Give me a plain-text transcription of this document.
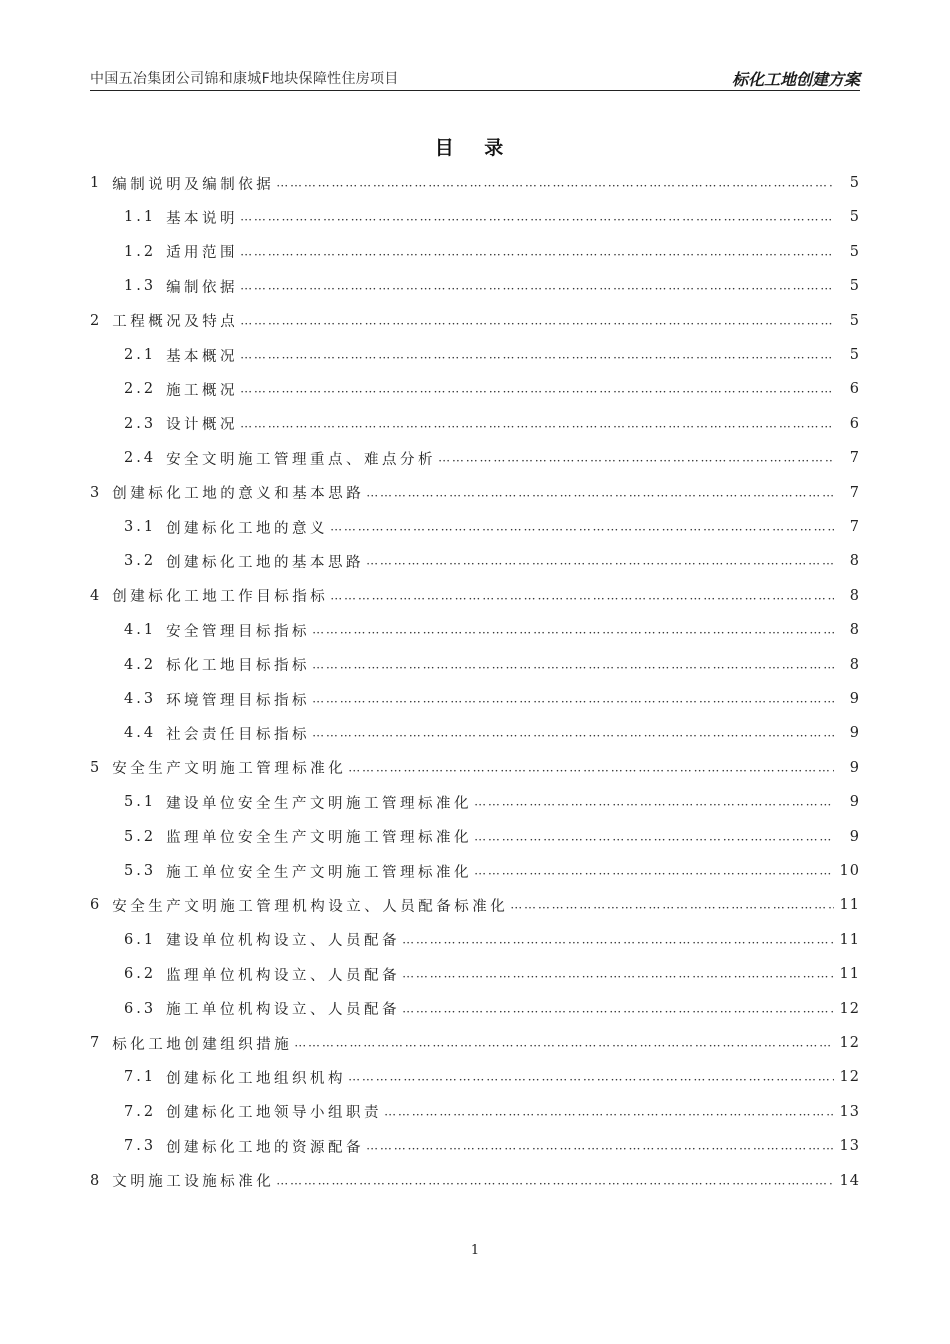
中国五冶集团公司锦和康城F地块保障性住房项目	标化工地创建方案
目 录
1 编制说明及编制依据 … … … … … … … … … … … … … … … … … … … … … … … … … … … … … … … … … … … … … … … … … … … … … … … … … … … … … … … …	5
1.1 基本说明 … … … … … … … … … … … … … … … … … … … … … … … … … … … … … … … … … … … … … … … … … … … … … … … … … … … … … … … …	5
1.2 适用范围 … … … … … … … … … … … … … … … … … … … … … … … … … … … … … … … … … … … … … … … … … … … … … … … … … … … … … … … …	5
1.3 编制依据 … … … … … … … … … … … … … … … … … … … … … … … … … … … … … … … … … … … … … … … … … … … … … … … … … … … … … … … …	5
2 工程概况及特点 … … … … … … … … … … … … … … … … … … … … … … … … … … … … … … … … … … … … … … … … … … … … … … … … … … … … … … … …	5
2.1 基本概况 … … … … … … … … … … … … … … … … … … … … … … … … … … … … … … … … … … … … … … … … … … … … … … … … … … … … … … … …	5
2.2 施工概况 … … … … … … … … … … … … … … … … … … … … … … … … … … … … … … … … … … … … … … … … … … … … … … … … … … … … … … … …	6
2.3 设计概况 … … … … … … … … … … … … … … … … … … … … … … … … … … … … … … … … … … … … … … … … … … … … … … … … … … … … … … … …	6
2.4 安全文明施工管理重点、难点分析 … … … … … … … … … … … … … … … … … … … … … … … … … … … … … … … … … … … … … … … … … … … … … … … … … … … … … … … …	7
3 创建标化工地的意义和基本思路 … … … … … … … … … … … … … … … … … … … … … … … … … … … … … … … … … … … … … … … … … … … … … … … … … … … … … … … …	7
3.1 创建标化工地的意义 … … … … … … … … … … … … … … … … … … … … … … … … … … … … … … … … … … … … … … … … … … … … … … … … … … … … … … … …	7
3.2 创建标化工地的基本思路 … … … … … … … … … … … … … … … … … … … … … … … … … … … … … … … … … … … … … … … … … … … … … … … … … … … … … … … …	8
4 创建标化工地工作目标指标 … … … … … … … … … … … … … … … … … … … … … … … … … … … … … … … … … … … … … … … … … … … … … … … … … … … … … … … …	8
4.1 安全管理目标指标 … … … … … … … … … … … … … … … … … … … … … … … … … … … … … … … … … … … … … … … … … … … … … … … … … … … … … … … …	8
4.2 标化工地目标指标 … … … … … … … … … … … … … … … … … … … … … … … … … … … … … … … … … … … … … … … … … … … … … … … … … … … … … … … …	8
4.3 环境管理目标指标 … … … … … … … … … … … … … … … … … … … … … … … … … … … … … … … … … … … … … … … … … … … … … … … … … … … … … … … …	9
4.4 社会责任目标指标 … … … … … … … … … … … … … … … … … … … … … … … … … … … … … … … … … … … … … … … … … … … … … … … … … … … … … … … …	9
5 安全生产文明施工管理标准化 … … … … … … … … … … … … … … … … … … … … … … … … … … … … … … … … … … … … … … … … … … … … … … … … … … … … … … … …	9
5.1 建设单位安全生产文明施工管理标准化 … … … … … … … … … … … … … … … … … … … … … … … … … … … … … … … … … … … … … … … … … … … … … … … … … … … … … … … …	9
5.2 监理单位安全生产文明施工管理标准化 … … … … … … … … … … … … … … … … … … … … … … … … … … … … … … … … … … … … … … … … … … … … … … … … … … … … … … … …	9
5.3 施工单位安全生产文明施工管理标准化 … … … … … … … … … … … … … … … … … … … … … … … … … … … … … … … … … … … … … … … … … … … … … … … … … … … … … … … …	10
6 安全生产文明施工管理机构设立、人员配备标准化 … … … … … … … … … … … … … … … … … … … … … … … … … … … … … … … … … … … … … … … … … … … … … … … … … … … … … … … …	11
6.1 建设单位机构设立、人员配备 … … … … … … … … … … … … … … … … … … … … … … … … … … … … … … … … … … … … … … … … … … … … … … … … … … … … … … … …	11
6.2 监理单位机构设立、人员配备 … … … … … … … … … … … … … … … … … … … … … … … … … … … … … … … … … … … … … … … … … … … … … … … … … … … … … … … …	11
6.3 施工单位机构设立、人员配备 … … … … … … … … … … … … … … … … … … … … … … … … … … … … … … … … … … … … … … … … … … … … … … … … … … … … … … … …	12
7 标化工地创建组织措施 … … … … … … … … … … … … … … … … … … … … … … … … … … … … … … … … … … … … … … … … … … … … … … … … … … … … … … … …	12
7.1 创建标化工地组织机构 … … … … … … … … … … … … … … … … … … … … … … … … … … … … … … … … … … … … … … … … … … … … … … … … … … … … … … … …	12
7.2 创建标化工地领导小组职责 … … … … … … … … … … … … … … … … … … … … … … … … … … … … … … … … … … … … … … … … … … … … … … … … … … … … … … … …	13
7.3 创建标化工地的资源配备 … … … … … … … … … … … … … … … … … … … … … … … … … … … … … … … … … … … … … … … … … … … … … … … … … … … … … … … …	13
8 文明施工设施标准化 … … … … … … … … … … … … … … … … … … … … … … … … … … … … … … … … … … … … … … … … … … … … … … … … … … … … … … … …	14
1
